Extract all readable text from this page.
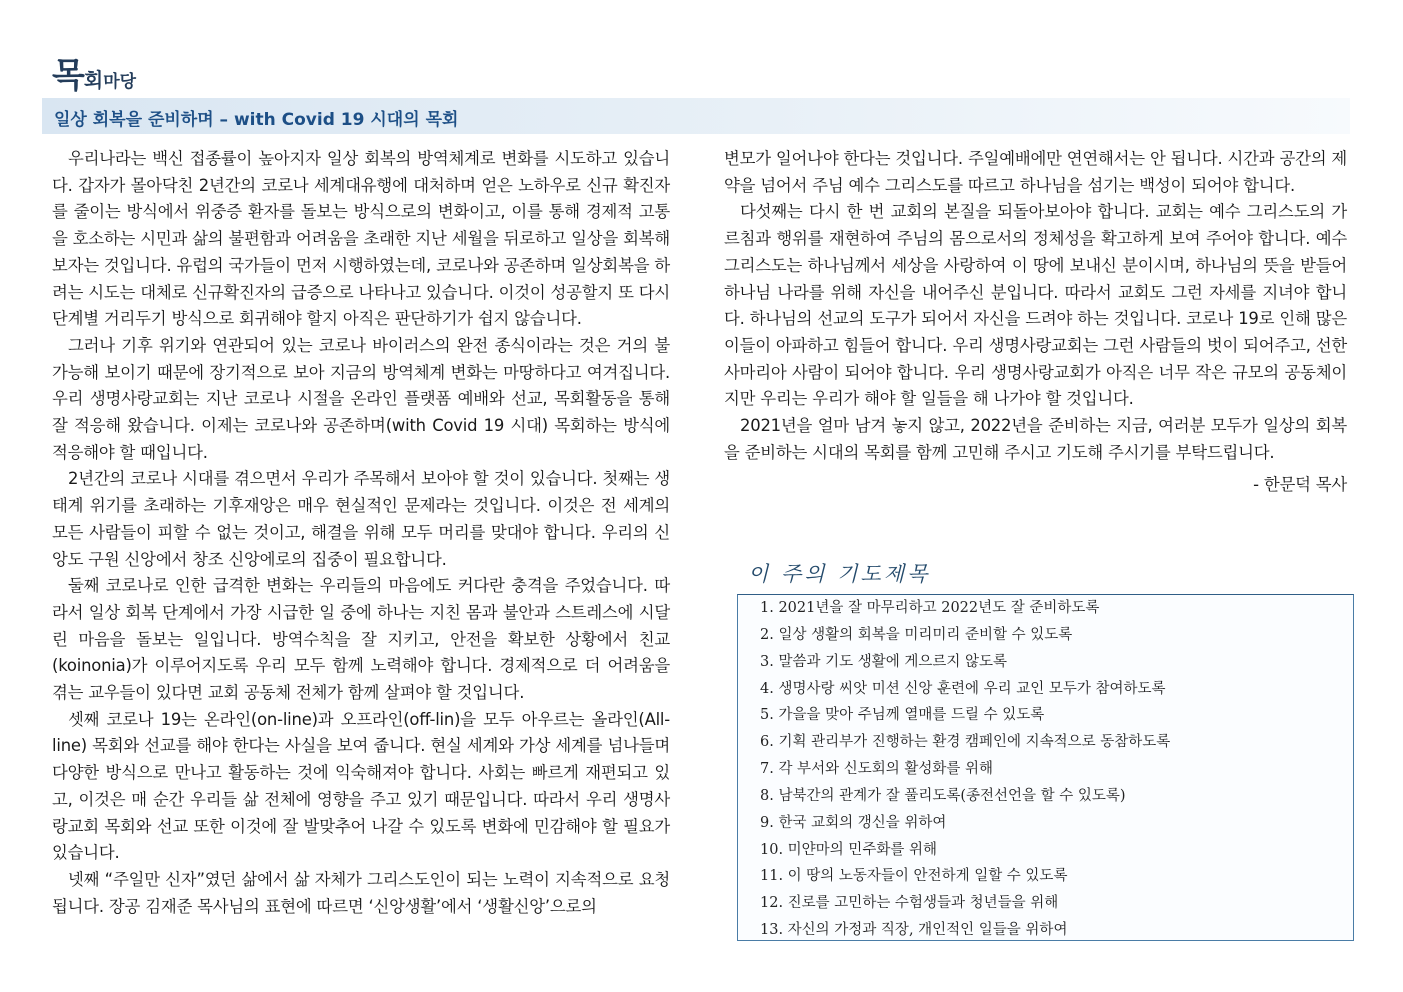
목회마당
일상 회복을 준비하며 – with Covid 19 시대의 목회

우리나라는 백신 접종률이 높아지자 일상 회복의 방역체계로 변화를 시도하고 있습니다. 갑자가 몰아닥친 2년간의 코로나 세계대유행에 대처하며 얻은 노하우로 신규 확진자를 줄이는 방식에서 위중증 환자를 돌보는 방식으로의 변화이고, 이를 통해 경제적 고통을 호소하는 시민과 삶의 불편함과 어려움을 초래한 지난 세월을 뒤로하고 일상을 회복해 보자는 것입니다. 유럽의 국가들이 먼저 시행하였는데, 코로나와 공존하며 일상회복을 하려는 시도는 대체로 신규확진자의 급증으로 나타나고 있습니다. 이것이 성공할지 또 다시 단계별 거리두기 방식으로 회귀해야 할지 아직은 판단하기가 쉽지 않습니다.

그러나 기후 위기와 연관되어 있는 코로나 바이러스의 완전 종식이라는 것은 거의 불가능해 보이기 때문에 장기적으로 보아 지금의 방역체계 변화는 마땅하다고 여겨집니다. 우리 생명사랑교회는 지난 코로나 시절을 온라인 플랫폼 예배와 선교, 목회활동을 통해 잘 적응해 왔습니다. 이제는 코로나와 공존하며(with Covid 19 시대) 목회하는 방식에 적응해야 할 때입니다.

2년간의 코로나 시대를 겪으면서 우리가 주목해서 보아야 할 것이 있습니다. 첫째는 생태계 위기를 초래하는 기후재앙은 매우 현실적인 문제라는 것입니다. 이것은 전 세계의 모든 사람들이 피할 수 없는 것이고, 해결을 위해 모두 머리를 맞대야 합니다. 우리의 신앙도 구원 신앙에서 창조 신앙에로의 집중이 필요합니다.

둘째 코로나로 인한 급격한 변화는 우리들의 마음에도 커다란 충격을 주었습니다. 따라서 일상 회복 단계에서 가장 시급한 일 중에 하나는 지친 몸과 불안과 스트레스에 시달린 마음을 돌보는 일입니다. 방역수칙을 잘 지키고, 안전을 확보한 상황에서 친교(koinonia)가 이루어지도록 우리 모두 함께 노력해야 합니다. 경제적으로 더 어려움을 겪는 교우들이 있다면 교회 공동체 전체가 함께 살펴야 할 것입니다.

셋째 코로나 19는 온라인(on-line)과 오프라인(off-lin)을 모두 아우르는 올라인(All-line) 목회와 선교를 해야 한다는 사실을 보여 줍니다. 현실 세계와 가상 세계를 넘나들며 다양한 방식으로 만나고 활동하는 것에 익숙해져야 합니다. 사회는 빠르게 재편되고 있고, 이것은 매 순간 우리들 삶 전체에 영향을 주고 있기 때문입니다. 따라서 우리 생명사랑교회 목회와 선교 또한 이것에 잘 발맞추어 나갈 수 있도록 변화에 민감해야 할 필요가 있습니다.

넷째 “주일만 신자”였던 삶에서 삶 자체가 그리스도인이 되는 노력이 지속적으로 요청됩니다. 장공 김재준 목사님의 표현에 따르면 ‘신앙생활’에서 ‘생활신앙’으로의

변모가 일어나야 한다는 것입니다. 주일예배에만 연연해서는 안 됩니다. 시간과 공간의 제약을 넘어서 주님 예수 그리스도를 따르고 하나님을 섬기는 백성이 되어야 합니다.

다섯째는 다시 한 번 교회의 본질을 되돌아보아야 합니다. 교회는 예수 그리스도의 가르침과 행위를 재현하여 주님의 몸으로서의 정체성을 확고하게 보여 주어야 합니다. 예수 그리스도는 하나님께서 세상을 사랑하여 이 땅에 보내신 분이시며, 하나님의 뜻을 받들어 하나님 나라를 위해 자신을 내어주신 분입니다. 따라서 교회도 그런 자세를 지녀야 합니다. 하나님의 선교의 도구가 되어서 자신을 드려야 하는 것입니다. 코로나 19로 인해 많은 이들이 아파하고 힘들어 합니다. 우리 생명사랑교회는 그런 사람들의 벗이 되어주고, 선한 사마리아 사람이 되어야 합니다. 우리 생명사랑교회가 아직은 너무 작은 규모의 공동체이지만 우리는 우리가 해야 할 일들을 해 나가야 할 것입니다.

2021년을 얼마 남겨 놓지 않고, 2022년을 준비하는 지금, 여러분 모두가 일상의 회복을 준비하는 시대의 목회를 함께 고민해 주시고 기도해 주시기를 부탁드립니다.

- 한문덕 목사
이 주의 기도제목
1. 2021년을 잘 마무리하고 2022년도 잘 준비하도록
2. 일상 생활의 회복을 미리미리 준비할 수 있도록
3. 말씀과 기도 생활에 게으르지 않도록
4. 생명사랑 씨앗 미션 신앙 훈련에 우리 교인 모두가 참여하도록
5. 가을을 맞아 주님께 열매를 드릴 수 있도록
6. 기획 관리부가 진행하는 환경 캠페인에 지속적으로 동참하도록
7. 각 부서와 신도회의 활성화를 위해
8. 남북간의 관계가 잘 풀리도록(종전선언을 할 수 있도록)
9. 한국 교회의 갱신을 위하여
10. 미얀마의 민주화를 위해
11. 이 땅의 노동자들이 안전하게 일할 수 있도록
12. 진로를 고민하는 수험생들과 청년들을 위해
13. 자신의 가정과 직장, 개인적인 일들을 위하여
